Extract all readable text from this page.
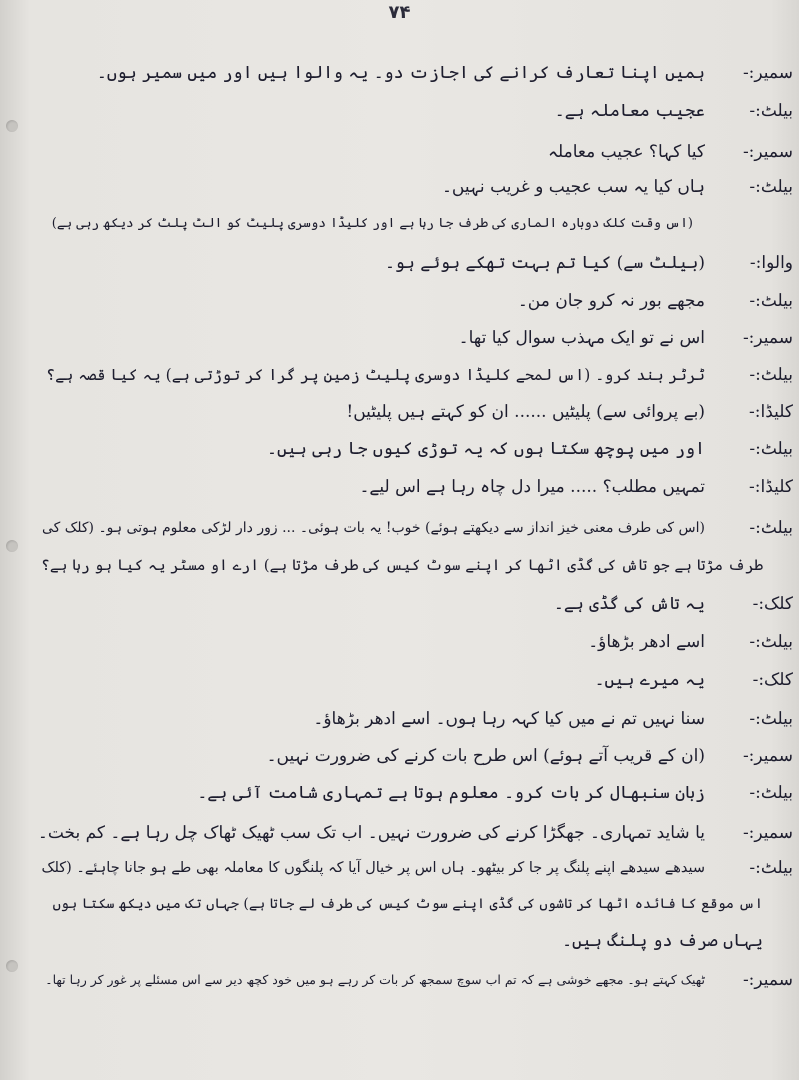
۷۴
سمیر:-
ہمیں اپنا تعارف کرانے کی اجازت دو۔ یہ والوا ہیں اور میں سمیر ہوں۔
بیلٹ:-
عجیب معاملہ ہے۔
سمیر:-
کیا کہا؟ عجیب معاملہ
بیلٹ:-
ہاں کیا یہ سب عجیب و غریب نہیں۔
(اس وقت کلک دوبارہ الماری کی طرف جا رہا ہے اور کلیڈا دوسری پلیٹ کو الٹ پلٹ کر دیکھ رہی ہے)
والوا:-
(بیلٹ سے) کیا تم بہت تھکے ہوئے ہو۔
بیلٹ:-
مجھے بور نہ کرو جان من۔
سمیر:-
اس نے تو ایک مہذب سوال کیا تھا۔
بیلٹ:-
ٹرٹر بند کرو۔ (اس لمحے کلیڈا دوسری پلیٹ زمین پر گرا کر توڑتی ہے) یہ کیا قصہ ہے؟
کلیڈا:-
(بے پروائی سے) پلیٹیں ...... ان کو کہتے ہیں پلیٹیں!
بیلٹ:-
اور میں پوچھ سکتا ہوں کہ یہ توڑی کیوں جا رہی ہیں۔
کلیڈا:-
تمہیں مطلب؟ ..... میرا دل چاہ رہا ہے اس لیے۔
بیلٹ:-
(اس کی طرف معنی خیز انداز سے دیکھتے ہوئے) خوب! یہ بات ہوئی۔ ... زور دار لڑکی معلوم ہوتی ہو۔ (کلک کی
طرف مڑتا ہے جو تاش کی گڈی اٹھا کر اپنے سوٹ کیس کی طرف مڑتا ہے) ارے او مسٹر یہ کیا ہو رہا ہے؟
کلک:-
یہ تاش کی گڈی ہے۔
بیلٹ:-
اسے ادھر بڑھاؤ۔
کلک:-
یہ میرے ہیں۔
بیلٹ:-
سنا نہیں تم نے میں کیا کہہ رہا ہوں۔ اسے ادھر بڑھاؤ۔
سمیر:-
(ان کے قریب آتے ہوئے) اس طرح بات کرنے کی ضرورت نہیں۔
بیلٹ:-
زبان سنبھال کر بات کرو۔ معلوم ہوتا ہے تمہاری شامت آئی ہے۔
سمیر:-
یا شاید تمہاری۔ جھگڑا کرنے کی ضرورت نہیں۔ اب تک سب ٹھیک ٹھاک چل رہا ہے۔ کم بخت۔
بیلٹ:-
سیدھے سیدھے اپنے پلنگ پر جا کر بیٹھو۔ ہاں اس پر خیال آیا کہ پلنگوں کا معاملہ بھی طے ہو جانا چاہئے۔ (کلک
اس موقع کا فائدہ اٹھا کر تاشوں کی گڈی اپنے سوٹ کیس کی طرف لے جاتا ہے) جہاں تک میں دیکھ سکتا ہوں
یہاں صرف دو پلنگ ہیں۔
سمیر:-
ٹھیک کہتے ہو۔ مجھے خوشی ہے کہ تم اب سوچ سمجھ کر بات کر رہے ہو میں خود کچھ دیر سے اس مسئلے پر غور کر رہا تھا۔
